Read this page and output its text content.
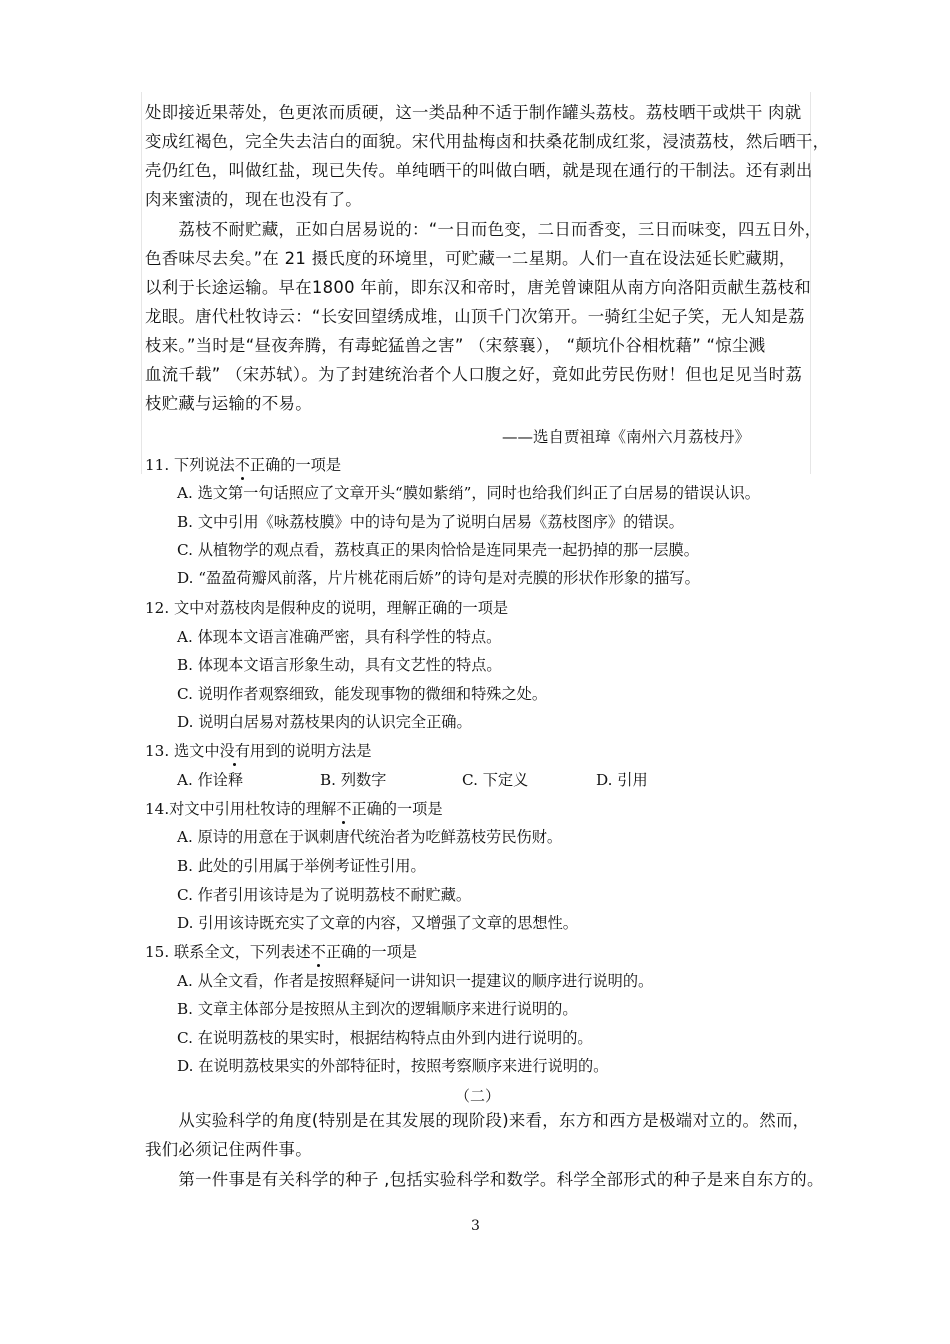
处即接近果蒂处，色更浓而质硬，这一类品种不适于制作罐头荔枝。荔枝晒干或烘干 肉就
变成红褐色，完全失去洁白的面貌。宋代用盐梅卤和扶桑花制成红浆，浸渍荔枝，然后晒干，
壳仍红色，叫做红盐，现已失传。单纯晒干的叫做白晒，就是现在通行的干制法。还有剥出
肉来蜜渍的，现在也没有了。
　　荔枝不耐贮藏，正如白居易说的：“一日而色变，二日而香变，三日而味变，四五日外，
色香味尽去矣。”在 21 摄氏度的环境里，可贮藏一二星期。人们一直在设法延长贮藏期，
以利于长途运输。早在1800 年前，即东汉和帝时，唐羌曾谏阻从南方向洛阳贡献生荔枝和
龙眼。唐代杜牧诗云：“长安回望绣成堆，山顶千门次第开。一骑红尘妃子笑，无人知是荔
枝来。”当时是“昼夜奔腾，有毒蛇猛兽之害” （宋蔡襄）， “颠坑仆谷相枕藉” “惊尘溅
血流千载” （宋苏轼）。为了封建统治者个人口腹之好，竟如此劳民伤财！但也足见当时荔
枝贮藏与运输的不易。
——选自贾祖璋《南州六月荔枝丹》
11. 下列说法不正确的一项是
A. 选文第一句话照应了文章开头“膜如紫绡”，同时也给我们纠正了白居易的错误认识。
B. 文中引用《咏荔枝膜》中的诗句是为了说明白居易《荔枝图序》的错误。
C. 从植物学的观点看，荔枝真正的果肉恰恰是连同果壳一起扔掉的那一层膜。
D. “盈盈荷瓣风前落，片片桃花雨后娇”的诗句是对壳膜的形状作形象的描写。
12. 文中对荔枝肉是假种皮的说明，理解正确的一项是
A. 体现本文语言准确严密，具有科学性的特点。
B. 体现本文语言形象生动，具有文艺性的特点。
C. 说明作者观察细致，能发现事物的微细和特殊之处。
D. 说明白居易对荔枝果肉的认识完全正确。
13. 选文中没有用到的说明方法是
A. 作诠释	B. 列数字	C. 下定义	D. 引用
14.对文中引用杜牧诗的理解不正确的一项是
A. 原诗的用意在于讽刺唐代统治者为吃鲜荔枝劳民伤财。
B. 此处的引用属于举例考证性引用。
C. 作者引用该诗是为了说明荔枝不耐贮藏。
D. 引用该诗既充实了文章的内容，又增强了文章的思想性。
15. 联系全文，下列表述不正确的一项是
A. 从全文看，作者是按照释疑问一讲知识一提建议的顺序进行说明的。
B. 文章主体部分是按照从主到次的逻辑顺序来进行说明的。
C. 在说明荔枝的果实时，根据结构特点由外到内进行说明的。
D. 在说明荔枝果实的外部特征时，按照考察顺序来进行说明的。
（二）
　　从实验科学的角度(特别是在其发展的现阶段)来看，东方和西方是极端对立的。然而，
我们必须记住两件事。
　　第一件事是有关科学的种子 ,包括实验科学和数学。科学全部形式的种子是来自东方的。
3
